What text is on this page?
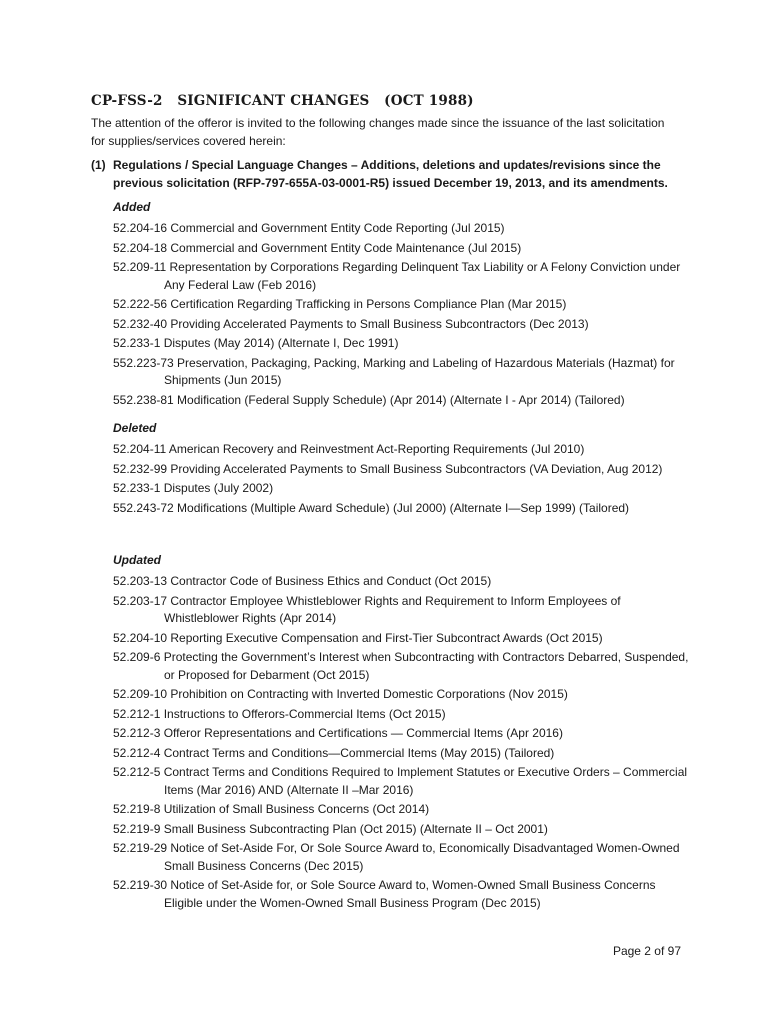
CP-FSS-2   SIGNIFICANT CHANGES   (OCT 1988)
The attention of the offeror is invited to the following changes made since the issuance of the last solicitation for supplies/services covered herein:
(1) Regulations / Special Language Changes – Additions, deletions and updates/revisions since the previous solicitation (RFP-797-655A-03-0001-R5) issued December 19, 2013, and its amendments.
Added
52.204-16 Commercial and Government Entity Code Reporting (Jul 2015)
52.204-18 Commercial and Government Entity Code Maintenance (Jul 2015)
52.209-11 Representation by Corporations Regarding Delinquent Tax Liability or A Felony Conviction under Any Federal Law (Feb 2016)
52.222-56 Certification Regarding Trafficking in Persons Compliance Plan (Mar 2015)
52.232-40 Providing Accelerated Payments to Small Business Subcontractors (Dec 2013)
52.233-1 Disputes (May 2014) (Alternate I, Dec 1991)
552.223-73 Preservation, Packaging, Packing, Marking and Labeling of Hazardous Materials (Hazmat) for Shipments (Jun 2015)
552.238-81 Modification (Federal Supply Schedule) (Apr 2014) (Alternate I - Apr 2014) (Tailored)
Deleted
52.204-11 American Recovery and Reinvestment Act-Reporting Requirements (Jul 2010)
52.232-99 Providing Accelerated Payments to Small Business Subcontractors (VA Deviation, Aug 2012)
52.233-1 Disputes (July 2002)
552.243-72 Modifications (Multiple Award Schedule) (Jul 2000) (Alternate I—Sep 1999) (Tailored)
Updated
52.203-13 Contractor Code of Business Ethics and Conduct (Oct 2015)
52.203-17 Contractor Employee Whistleblower Rights and Requirement to Inform Employees of Whistleblower Rights (Apr 2014)
52.204-10 Reporting Executive Compensation and First-Tier Subcontract Awards (Oct 2015)
52.209-6 Protecting the Government’s Interest when Subcontracting with Contractors Debarred, Suspended, or Proposed for Debarment (Oct 2015)
52.209-10 Prohibition on Contracting with Inverted Domestic Corporations (Nov 2015)
52.212-1 Instructions to Offerors-Commercial Items (Oct 2015)
52.212-3 Offeror Representations and Certifications — Commercial Items (Apr 2016)
52.212-4 Contract Terms and Conditions—Commercial Items (May 2015) (Tailored)
52.212-5 Contract Terms and Conditions Required to Implement Statutes or Executive Orders – Commercial Items (Mar 2016) AND (Alternate II –Mar 2016)
52.219-8 Utilization of Small Business Concerns (Oct 2014)
52.219-9 Small Business Subcontracting Plan (Oct 2015) (Alternate II – Oct 2001)
52.219-29 Notice of Set-Aside For, Or Sole Source Award to, Economically Disadvantaged Women-Owned Small Business Concerns (Dec 2015)
52.219-30 Notice of Set-Aside for, or Sole Source Award to, Women-Owned Small Business Concerns Eligible under the Women-Owned Small Business Program (Dec 2015)
Page 2 of 97
